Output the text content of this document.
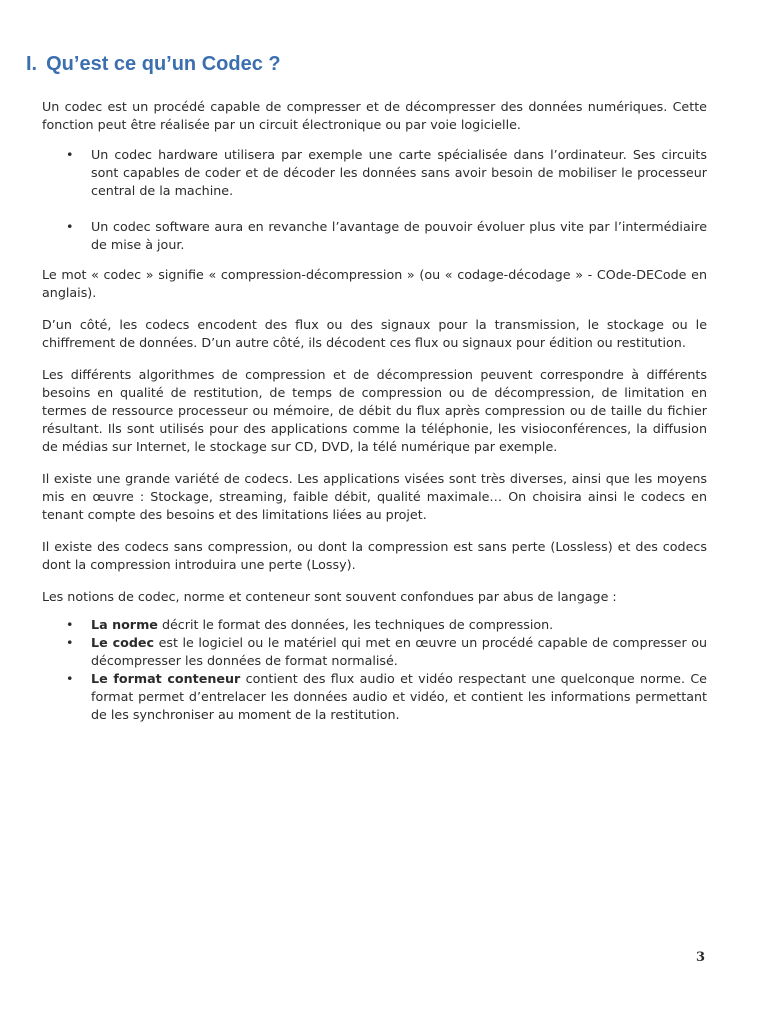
I. Qu’est ce qu’un Codec ?

Un codec est un procédé capable de compresser et de décompresser des données numériques. Cette fonction peut être réalisée par un circuit électronique ou par voie logicielle.

• Un codec hardware utilisera par exemple une carte spécialisée dans l’ordinateur. Ses circuits sont capables de coder et de décoder les données sans avoir besoin de mobiliser le processeur central de la machine.
• Un codec software aura en revanche l’avantage de pouvoir évoluer plus vite par l’intermédiaire de mise à jour.

Le mot « codec » signifie « compression-décompression » (ou « codage-décodage » - COde-DECode en anglais).

D’un côté, les codecs encodent des flux ou des signaux pour la transmission, le stockage ou le chiffrement de données. D’un autre côté, ils décodent ces flux ou signaux pour édition ou restitution.

Les différents algorithmes de compression et de décompression peuvent correspondre à différents besoins en qualité de restitution, de temps de compression ou de décompression, de limitation en termes de ressource processeur ou mémoire, de débit du flux après compression ou de taille du fichier résultant. Ils sont utilisés pour des applications comme la téléphonie, les visioconférences, la diffusion de médias sur Internet, le stockage sur CD, DVD, la télé numérique par exemple.

Il existe une grande variété de codecs. Les applications visées sont très diverses, ainsi que les moyens mis en œuvre : Stockage, streaming, faible débit, qualité maximale… On choisira ainsi le codecs en tenant compte des besoins et des limitations liées au projet.

Il existe des codecs sans compression, ou dont la compression est sans perte (Lossless) et des codecs dont la compression introduira une perte (Lossy).

Les notions de codec, norme et conteneur sont souvent confondues par abus de langage :

• La norme décrit le format des données, les techniques de compression.
• Le codec est le logiciel ou le matériel qui met en œuvre un procédé capable de compresser ou décompresser les données de format normalisé.
• Le format conteneur contient des flux audio et vidéo respectant une quelconque norme. Ce format permet d’entrelacer les données audio et vidéo, et contient les informations permettant de les synchroniser au moment de la restitution.
3
